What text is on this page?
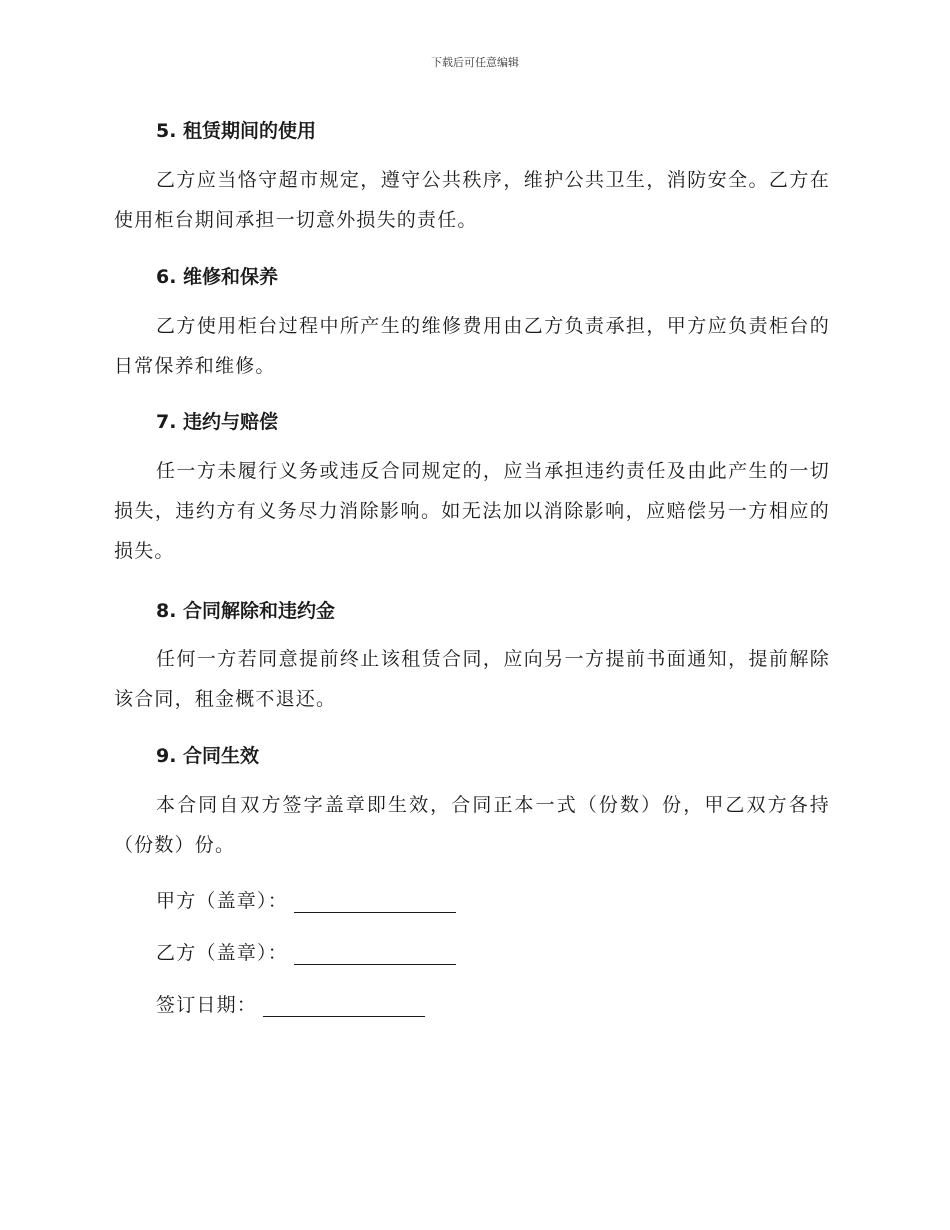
下载后可任意编辑
5. 租赁期间的使用
乙方应当恪守超市规定，遵守公共秩序，维护公共卫生，消防安全。乙方在使用柜台期间承担一切意外损失的责任。
6. 维修和保养
乙方使用柜台过程中所产生的维修费用由乙方负责承担，甲方应负责柜台的日常保养和维修。
7. 违约与赔偿
任一方未履行义务或违反合同规定的，应当承担违约责任及由此产生的一切损失，违约方有义务尽力消除影响。如无法加以消除影响，应赔偿另一方相应的损失。
8. 合同解除和违约金
任何一方若同意提前终止该租赁合同，应向另一方提前书面通知，提前解除该合同，租金概不退还。
9. 合同生效
本合同自双方签字盖章即生效，合同正本一式（份数）份，甲乙双方各持（份数）份。
甲方（盖章）：
乙方（盖章）：
签订日期：
